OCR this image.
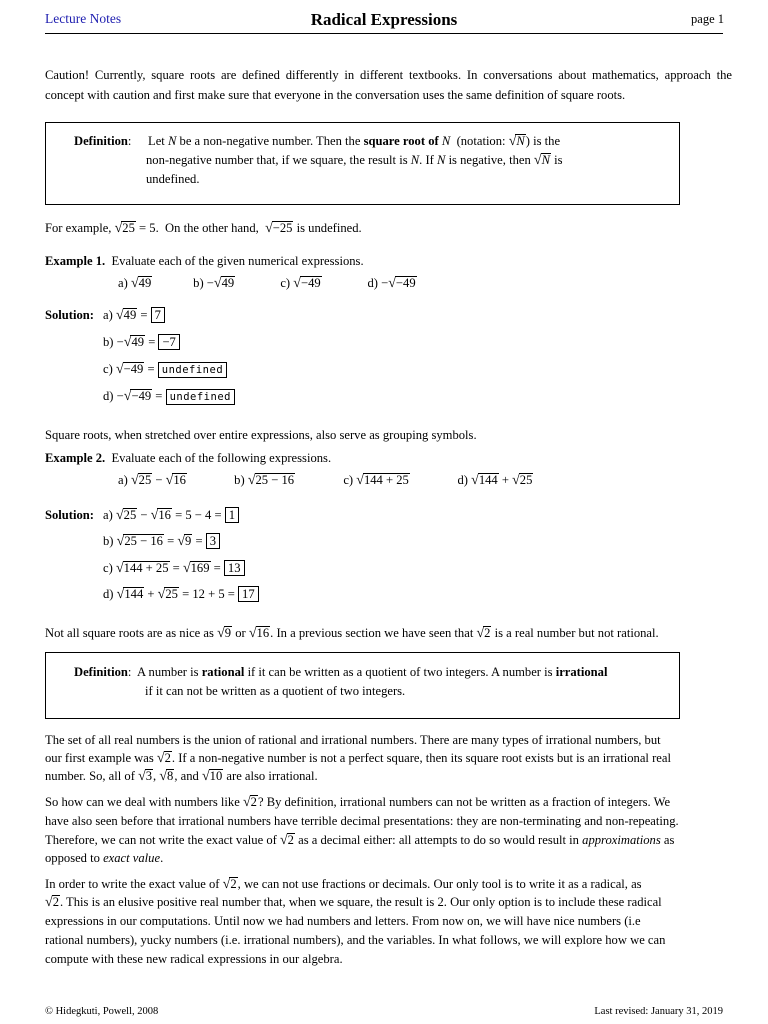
Lecture Notes	Radical Expressions	page 1
Caution! Currently, square roots are defined differently in different textbooks. In conversations about mathematics, approach the concept with caution and first make sure that everyone in the conversation uses the same definition of square roots.
Definition: Let N be a non-negative number. Then the square root of N (notation: √N) is the
non-negative number that, if we square, the result is N. If N is negative, then √N is
undefined.
For example, √25 = 5.  On the other hand, √−25 is undefined.
Example 1. Evaluate each of the given numerical expressions.
a) √49	b) −√49	c) √−49	d) −√−49
Solution: a) √49 = 7
b) −√49 = −7
c) √−49 = undefined
d) −√−49 = undefined
Square roots, when stretched over entire expressions, also serve as grouping symbols.
Example 2. Evaluate each of the following expressions.
a) √25 − √16	b) √25 − 16	c) √144 + 25	d) √144 + √25
Solution: a) √25 − √16 = 5 − 4 = 1
b) √25 − 16 = √9 = 3
c) √144 + 25 = √169 = 13
d) √144 + √25 = 12 + 5 = 17
Not all square roots are as nice as √9 or √16. In a previous section we have seen that √2 is a real number but not rational.
Definition:  A number is rational if it can be written as a quotient of two integers. A number is irrational
if it can not be written as a quotient of two integers.
The set of all real numbers is the union of rational and irrational numbers. There are many types of irrational numbers, but
our first example was √2. If a non-negative number is not a perfect square, then its square root exists but is an irrational real
number. So, all of √3, √8, and √10 are also irrational.
So how can we deal with numbers like √2? By definition, irrational numbers can not be written as a fraction of integers. We
have also seen before that irrational numbers have terrible decimal presentations: they are non-terminating and non-repeating.
Therefore, we can not write the exact value of √2 as a decimal either: all attempts to do so would result in approximations as
opposed to exact value.
In order to write the exact value of √2, we can not use fractions or decimals. Our only tool is to write it as a radical, as
√2. This is an elusive positive real number that, when we square, the result is 2. Our only option is to include these radical
expressions in our computations. Until now we had numbers and letters. From now on, we will have nice numbers (i.e
rational numbers), yucky numbers (i.e. irrational numbers), and the variables. In what follows, we will explore how we can
compute with these new radical expressions in our algebra.
© Hidegkuti, Powell, 2008	Last revised: January 31, 2019
